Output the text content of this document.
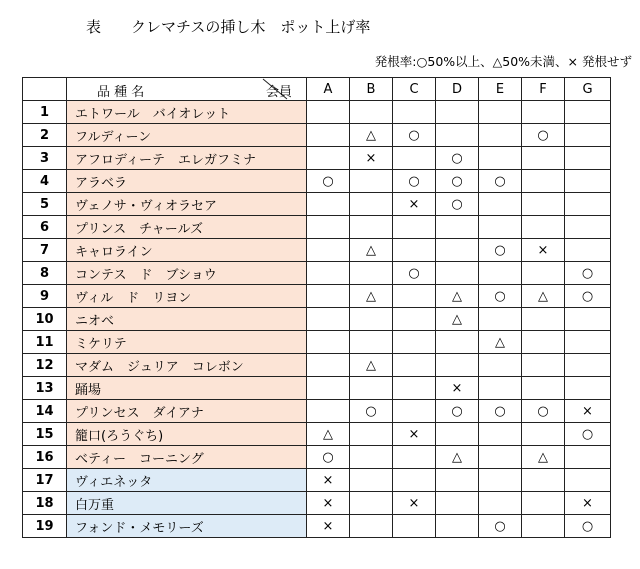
表　　クレマチスの挿し木　ポット上げ率
発根率:○50%以上、△50%未満、× 発根せず

	品 種 名 会員	A	B	C	D	E	F	G
1	エトワール　バイオレット							
2	フルディーン		△	○			○	
3	アフロディーテ　エレガフミナ		×		○			
4	アラベラ	○		○	○	○		
5	ヴェノサ・ヴィオラセア			×	○			
6	プリンス　チャールズ							
7	キャロライン		△			○	×	
8	コンテス　ド　ブショウ			○				○
9	ヴィル　ド　リヨン		△		△	○	△	○
10	ニオベ				△			
11	ミケリテ					△		
12	マダム　ジュリア　コレボン		△					
13	踊場				×			
14	プリンセス　ダイアナ		○		○	○	○	×
15	籠口(ろうぐち)	△		×				○
16	ベティー　コーニング	○			△		△	
17	ヴィエネッタ	×						
18	白万重	×		×				×
19	フォンド・メモリーズ	×				○		○
